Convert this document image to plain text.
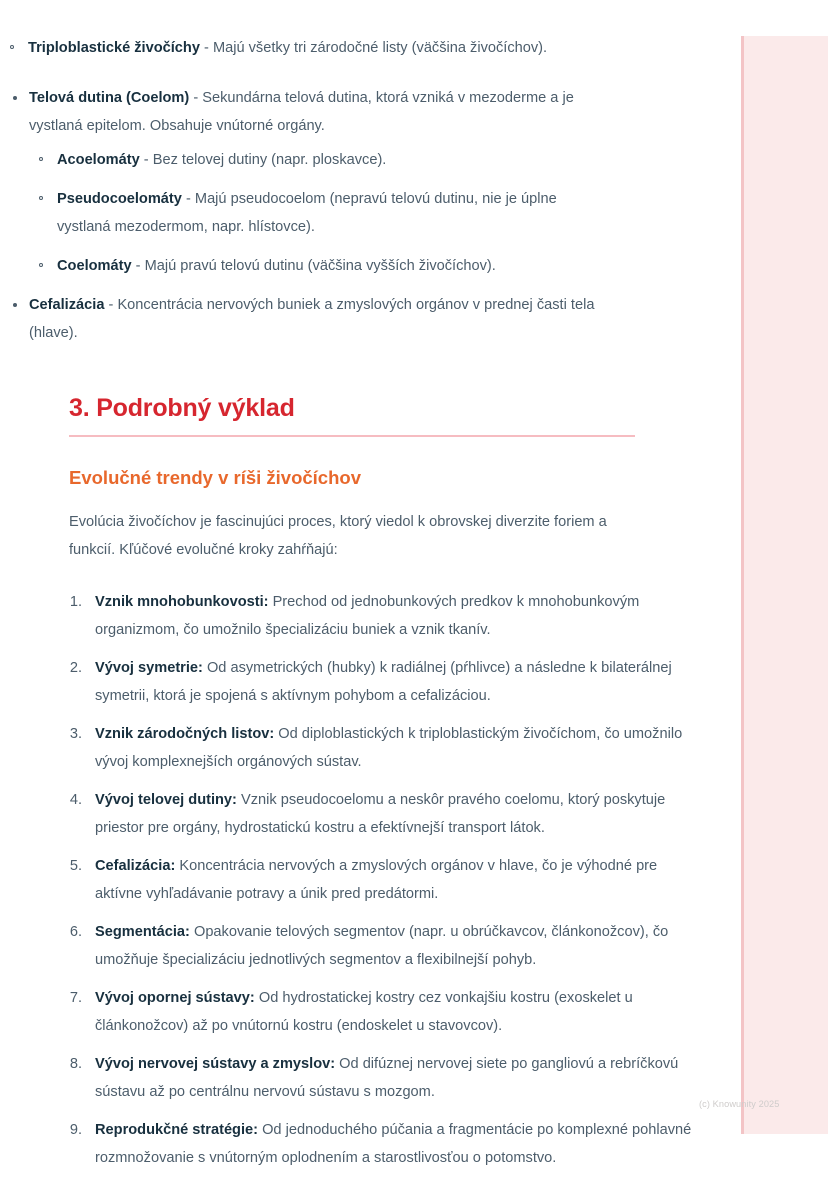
Triploblastické živočíchy - Majú všetky tri zárodočné listy (väčšina živočíchov).
Telová dutina (Coelom) - Sekundárna telová dutina, ktorá vzniká v mezoderme a je vystlaná epitelom. Obsahuje vnútorné orgány.
Acoelomáty - Bez telovej dutiny (napr. ploskavce).
Pseudocoelomáty - Majú pseudocoelom (nepravú telovú dutinu, nie je úplne vystlaná mezodermom, napr. hlístovce).
Coelomáty - Majú pravú telovú dutinu (väčšina vyšších živočíchov).
Cefalizácia - Koncentrácia nervových buniek a zmyslových orgánov v prednej časti tela (hlave).
3. Podrobný výklad
Evolučné trendy v ríši živočíchov

Evolúcia živočíchov je fascinujúci proces, ktorý viedol k obrovskej diverzite foriem a funkcií. Kľúčové evolučné kroky zahŕňajú:

1. Vznik mnohobunkovosti: Prechod od jednobunkových predkov k mnohobunkovým organizmom, čo umožnilo špecializáciu buniek a vznik tkanív.
2. Vývoj symetrie: Od asymetrických (hubky) k radiálnej (pŕhlivce) a následne k bilaterálnej symetrii, ktorá je spojená s aktívnym pohybom a cefalizáciou.
3. Vznik zárodočných listov: Od diploblastických k triploblastickým živočíchom, čo umožnilo vývoj komplexnejších orgánových sústav.
4. Vývoj telovej dutiny: Vznik pseudocoelomu a neskôr pravého coelomu, ktorý poskytuje priestor pre orgány, hydrostatickú kostru a efektívnejší transport látok.
5. Cefalizácia: Koncentrácia nervových a zmyslových orgánov v hlave, čo je výhodné pre aktívne vyhľadávanie potravy a únik pred predátormi.
6. Segmentácia: Opakovanie telových segmentov (napr. u obrúčkavcov, článkonožcov), čo umožňuje špecializáciu jednotlivých segmentov a flexibilnejší pohyb.
7. Vývoj opornej sústavy: Od hydrostatickej kostry cez vonkajšiu kostru (exoskelet u článkonožcov) až po vnútornú kostru (endoskelet u stavovcov).
8. Vývoj nervovej sústavy a zmyslov: Od difúznej nervovej siete po gangliovú a rebríčkovú sústavu až po centrálnu nervovú sústavu s mozgom.
9. Reprodukčné stratégie: Od jednoduchého púčania a fragmentácie po komplexné pohlavné rozmnožovanie s vnútorným oplodnením a starostlivosťou o potomstvo.
(c) Knowunity 2025
